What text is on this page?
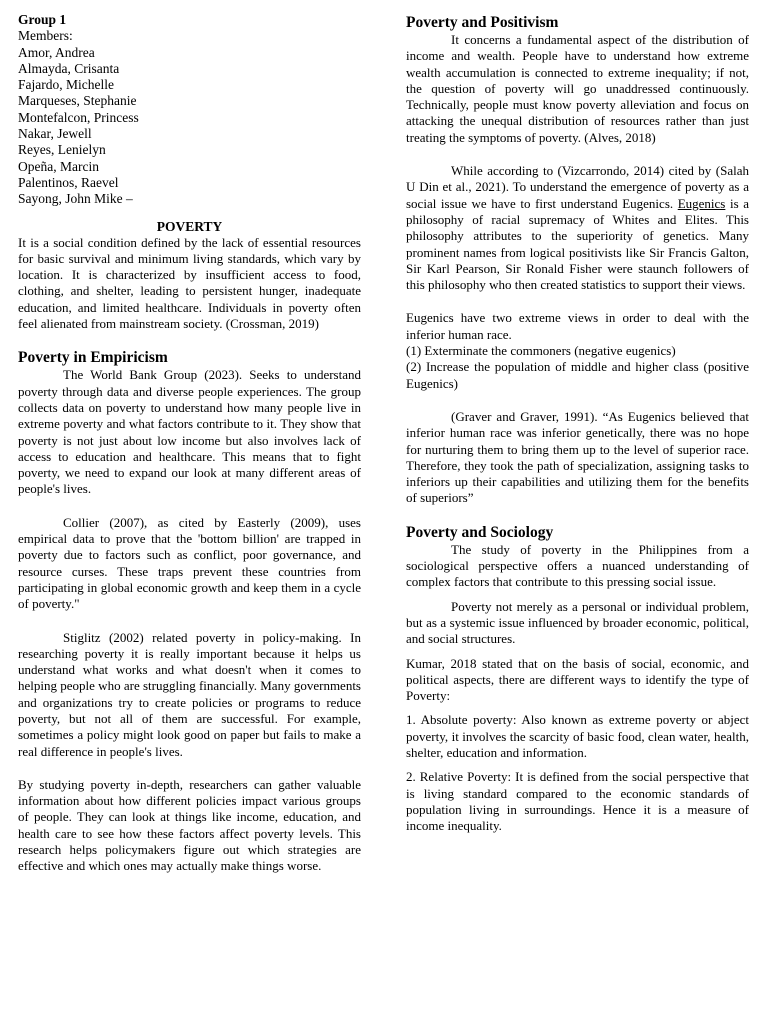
Group 1
Members:
Amor, Andrea
Almayda, Crisanta
Fajardo, Michelle
Marqueses, Stephanie
Montefalcon, Princess
Nakar, Jewell
Reyes, Lenielyn
Opeña, Marcin
Palentinos, Raevel
Sayong, John Mike –
POVERTY

It is a social condition defined by the lack of essential resources for basic survival and minimum living standards, which vary by location. It is characterized by insufficient access to food, clothing, and shelter, leading to persistent hunger, inadequate education, and limited healthcare. Individuals in poverty often feel alienated from mainstream society. (Crossman, 2019)

Poverty in Empiricism

The World Bank Group (2023). Seeks to understand poverty through data and diverse people experiences. The group collects data on poverty to understand how many people live in extreme poverty and what factors contribute to it. They show that poverty is not just about low income but also involves lack of access to education and healthcare. This means that to fight poverty, we need to expand our look at many different areas of people's lives.

Collier (2007), as cited by Easterly (2009), uses empirical data to prove that the 'bottom billion' are trapped in poverty due to factors such as conflict, poor governance, and resource curses. These traps prevent these countries from participating in global economic growth and keep them in a cycle of poverty."

Stiglitz (2002) related poverty in policy-making. In researching poverty it is really important because it helps us understand what works and what doesn't when it comes to helping people who are struggling financially. Many governments and organizations try to create policies or programs to reduce poverty, but not all of them are successful. For example, sometimes a policy might look good on paper but fails to make a real difference in people's lives.

By studying poverty in-depth, researchers can gather valuable information about how different policies impact various groups of people. They can look at things like income, education, and health care to see how these factors affect poverty levels. This research helps policymakers figure out which strategies are effective and which ones may actually make things worse.

Poverty and Positivism

It concerns a fundamental aspect of the distribution of income and wealth. People have to understand how extreme wealth accumulation is connected to extreme inequality; if not, the question of poverty will go unaddressed continuously. Technically, people must know poverty alleviation and focus on attacking the unequal distribution of resources rather than just treating the symptoms of poverty. (Alves, 2018)

While according to (Vizcarrondo, 2014) cited by (Salah U Din et al., 2021). To understand the emergence of poverty as a social issue we have to first understand Eugenics. Eugenics is a philosophy of racial supremacy of Whites and Elites. This philosophy attributes to the superiority of genetics. Many prominent names from logical positivists like Sir Francis Galton, Sir Karl Pearson, Sir Ronald Fisher were staunch followers of this philosophy who then created statistics to support their views.

Eugenics have two extreme views in order to deal with the inferior human race.

(1) Exterminate the commoners (negative eugenics)

(2) Increase the population of middle and higher class (positive Eugenics)

(Graver and Graver, 1991). “As Eugenics believed that inferior human race was inferior genetically, there was no hope for nurturing them to bring them up to the level of superior race. Therefore, they took the path of specialization, assigning tasks to inferiors up their capabilities and utilizing them for the benefits of superiors”

Poverty and Sociology

The study of poverty in the Philippines from a sociological perspective offers a nuanced understanding of complex factors that contribute to this pressing social issue.

Poverty not merely as a personal or individual problem, but as a systemic issue influenced by broader economic, political, and social structures.

Kumar, 2018 stated that on the basis of social, economic, and political aspects, there are different ways to identify the type of Poverty:

1. Absolute poverty: Also known as extreme poverty or abject poverty, it involves the scarcity of basic food, clean water, health, shelter, education and information.

2. Relative Poverty: It is defined from the social perspective that is living standard compared to the economic standards of population living in surroundings. Hence it is a measure of income inequality.
